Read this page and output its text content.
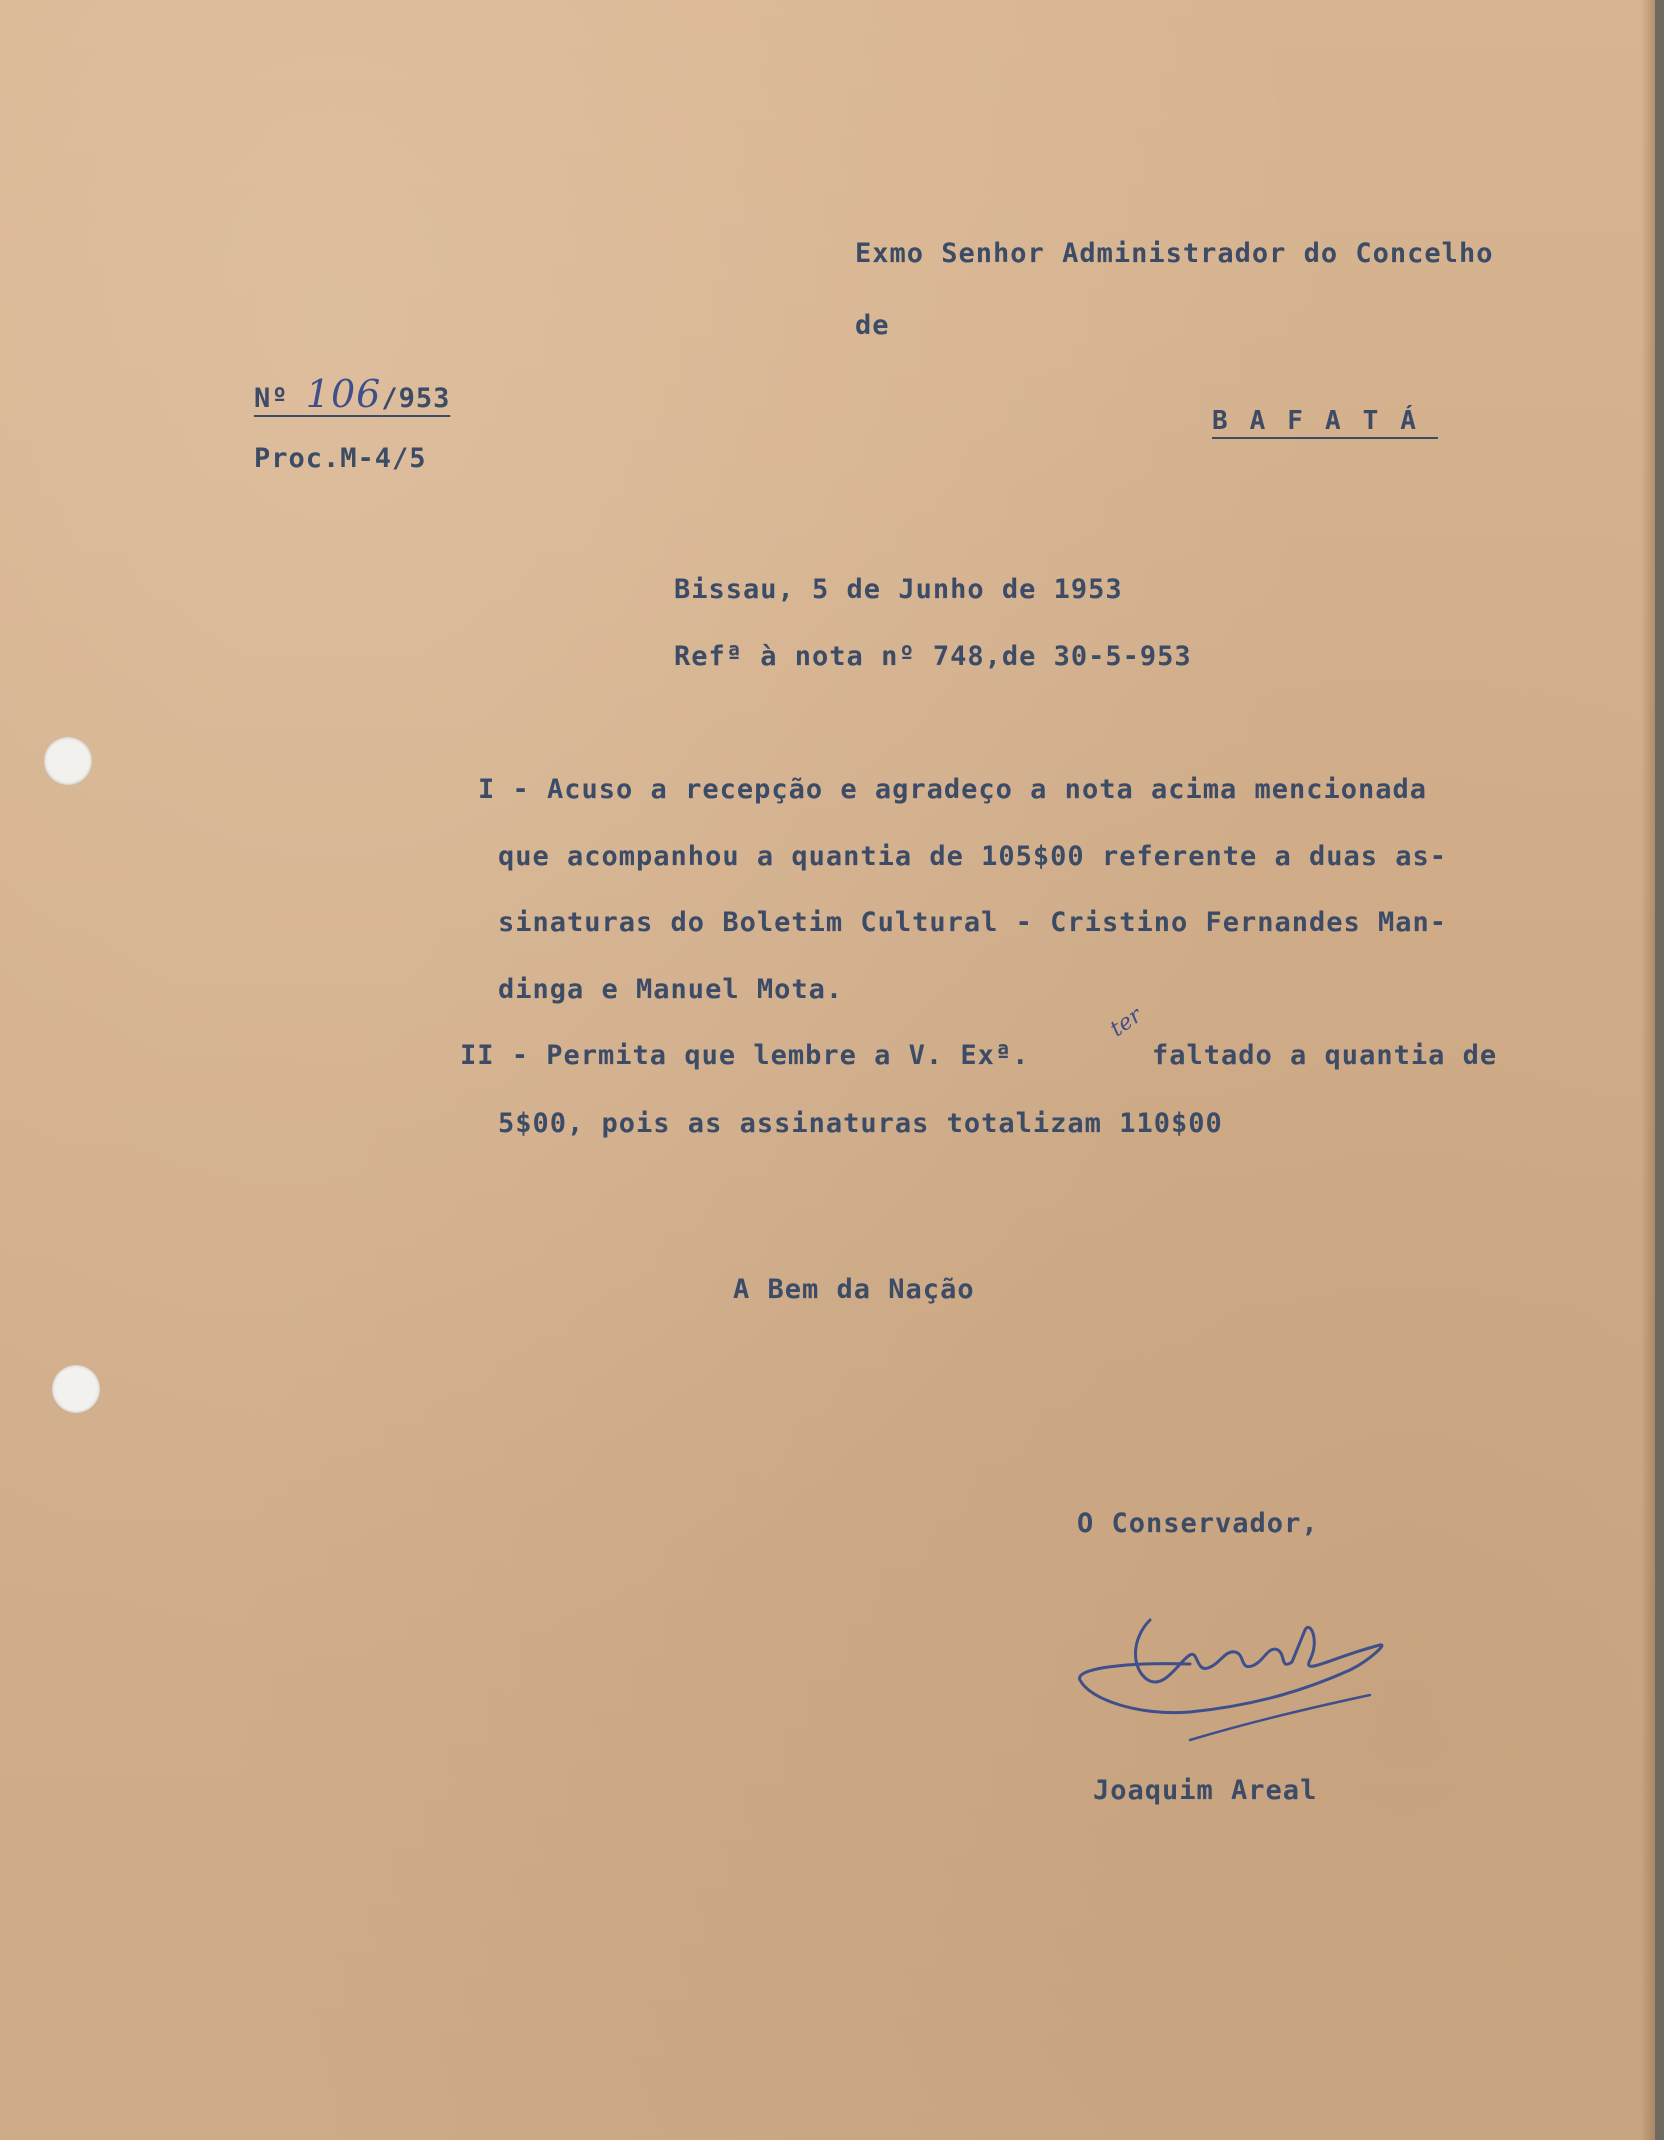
Exmo Senhor Administrador do Concelho
de
BAFATÁ
Nº 106/953
Proc.M-4/5
Bissau, 5 de Junho de 1953
Refª à nota nº 748,de 30-5-953
I - Acuso a recepção e agradeço a nota acima mencionada
que acompanhou a quantia de 105$00 referente a duas as-
sinaturas do Boletim Cultural - Cristino Fernandes Man-
dinga e Manuel Mota.
II - Permita que lembre a V. Exª.	faltado a quantia de
ter
5$00, pois as assinaturas totalizam 110$00
A Bem da Nação
O Conservador,
Joaquim Areal
